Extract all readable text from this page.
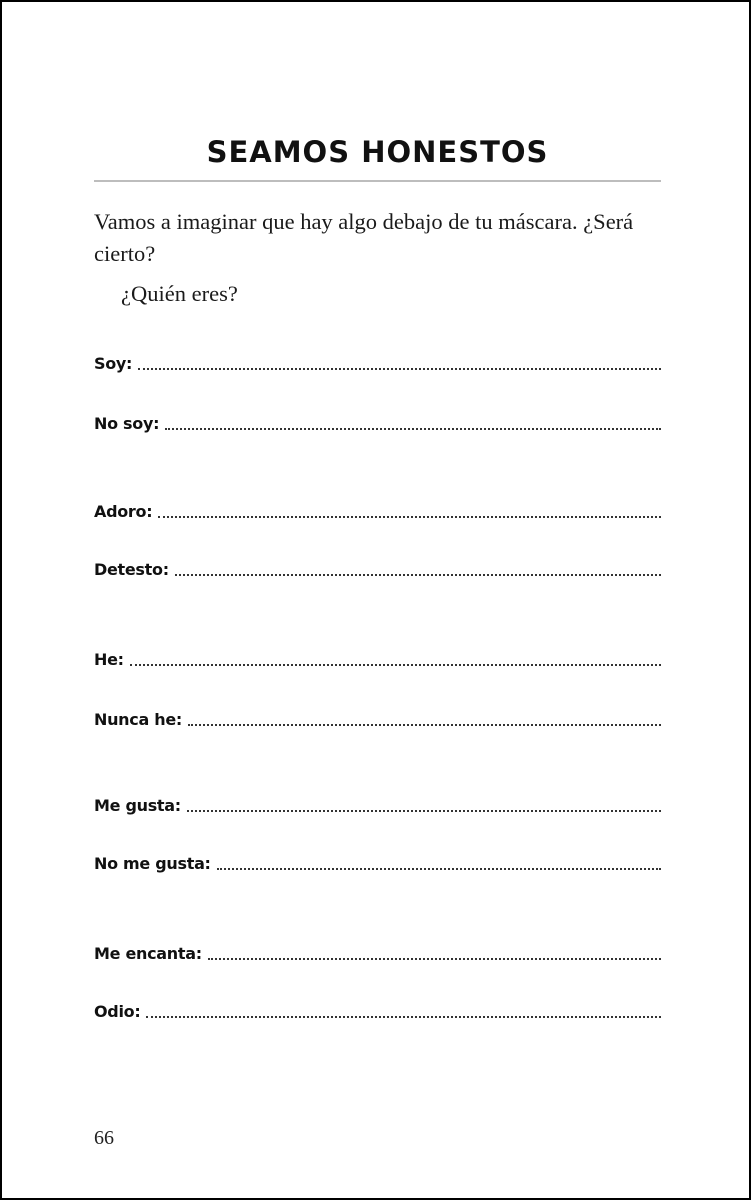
SEAMOS HONESTOS

Vamos a imaginar que hay algo debajo de tu máscara. ¿Será cierto?

¿Quién eres?
Soy:
No soy:
Adoro:
Detesto:
He:
Nunca he:
Me gusta:
No me gusta:
Me encanta:
Odio:
66
